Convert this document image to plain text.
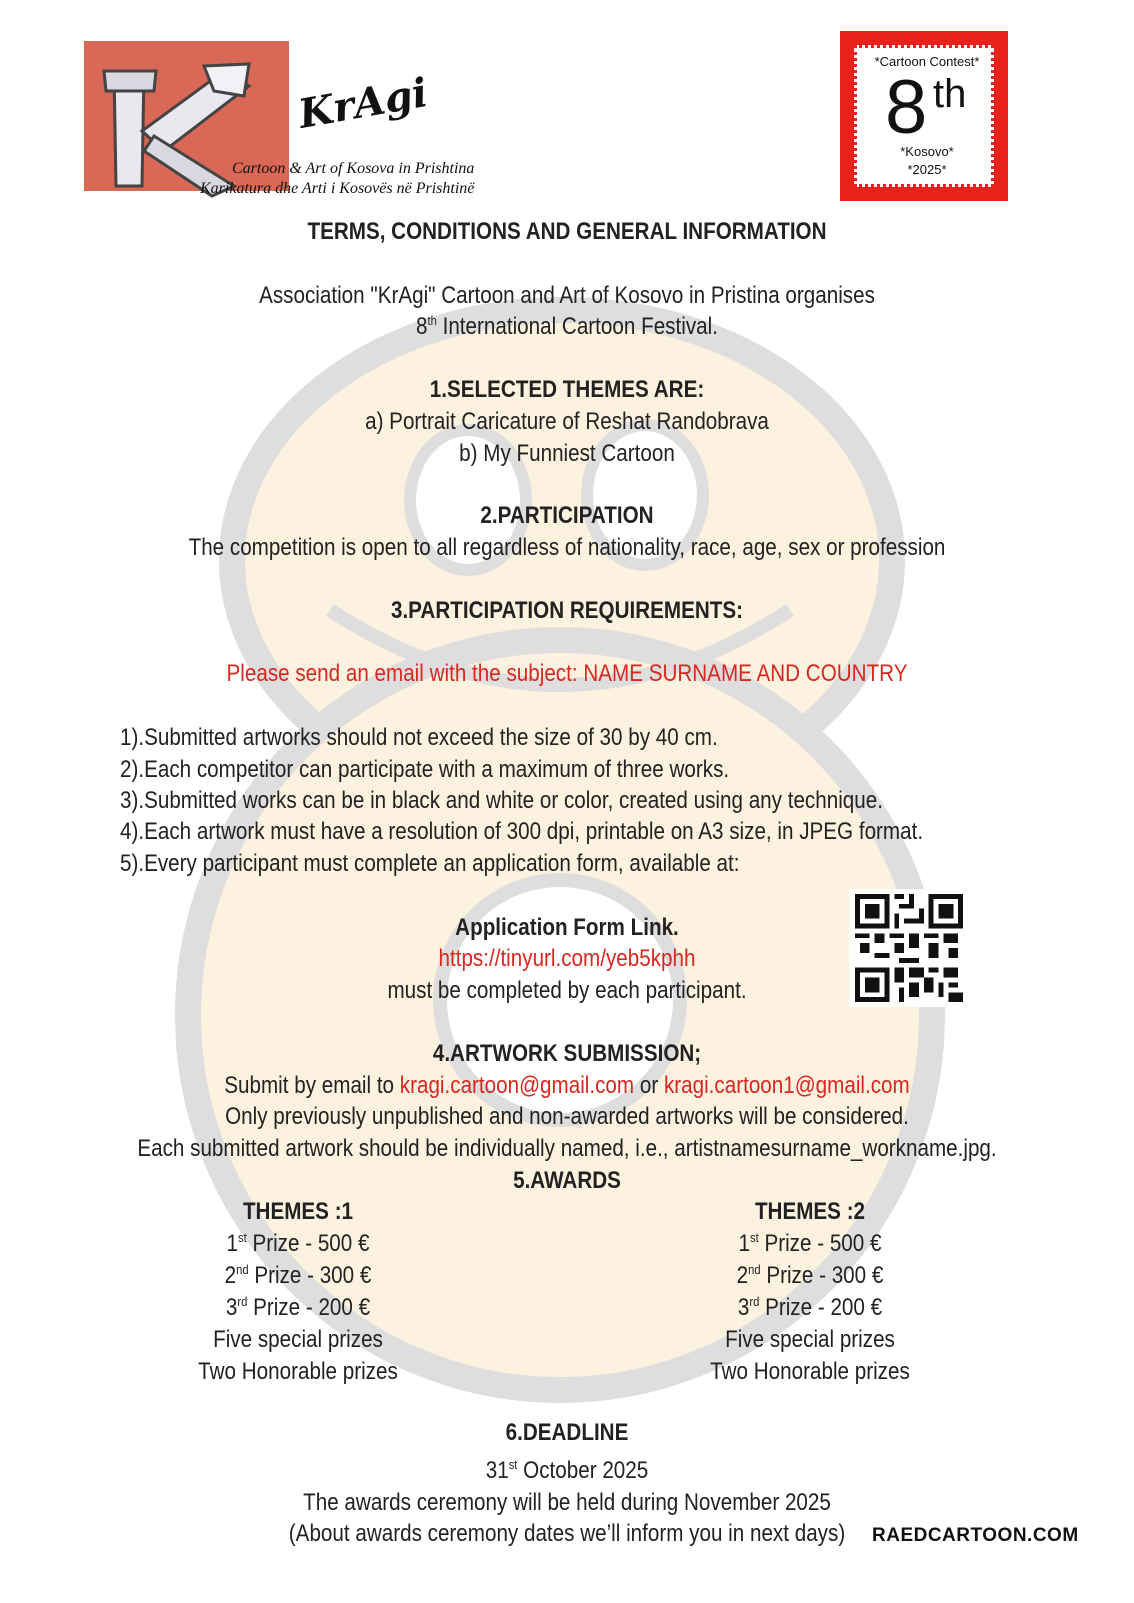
KrAgi
Cartoon & Art of Kosova in Prishtina
Karikatura dhe Arti i Kosovës në Prishtinë
*Cartoon Contest*
8 th
*Kosovo*
*2025*
TERMS, CONDITIONS AND GENERAL INFORMATION
Association "KrAgi" Cartoon and Art of Kosovo in Pristina organises
8th International Cartoon Festival.
1.SELECTED THEMES ARE:
a) Portrait Caricature of Reshat Randobrava
b) My Funniest Cartoon
2.PARTICIPATION
The competition is open to all regardless of nationality, race, age, sex or profession
3.PARTICIPATION REQUIREMENTS:
Please send an email with the subject: NAME SURNAME AND COUNTRY
1).Submitted artworks should not exceed the size of 30 by 40 cm.
2).Each competitor can participate with a maximum of three works.
3).Submitted works can be in black and white or color, created using any technique.
4).Each artwork must have a resolution of 300 dpi, printable on A3 size, in JPEG format.
5).Every participant must complete an application form, available at:
Application Form Link.
https://tinyurl.com/yeb5kphh
must be completed by each participant.
4.ARTWORK SUBMISSION;
Submit by email to kragi.cartoon@gmail.com or kragi.cartoon1@gmail.com
Only previously unpublished and non-awarded artworks will be considered.
Each submitted artwork should be individually named, i.e., artistnamesurname_workname.jpg.
5.AWARDS
THEMES :1
1st Prize - 500 €
2nd Prize - 300 €
3rd Prize - 200 €
Five special prizes
Two Honorable prizes
THEMES :2
1st Prize - 500 €
2nd Prize - 300 €
3rd Prize - 200 €
Five special prizes
Two Honorable prizes
6.DEADLINE
31st October 2025
The awards ceremony will be held during November 2025
(About awards ceremony dates we’ll inform you in next days)	RAEDCARTOON.COM
